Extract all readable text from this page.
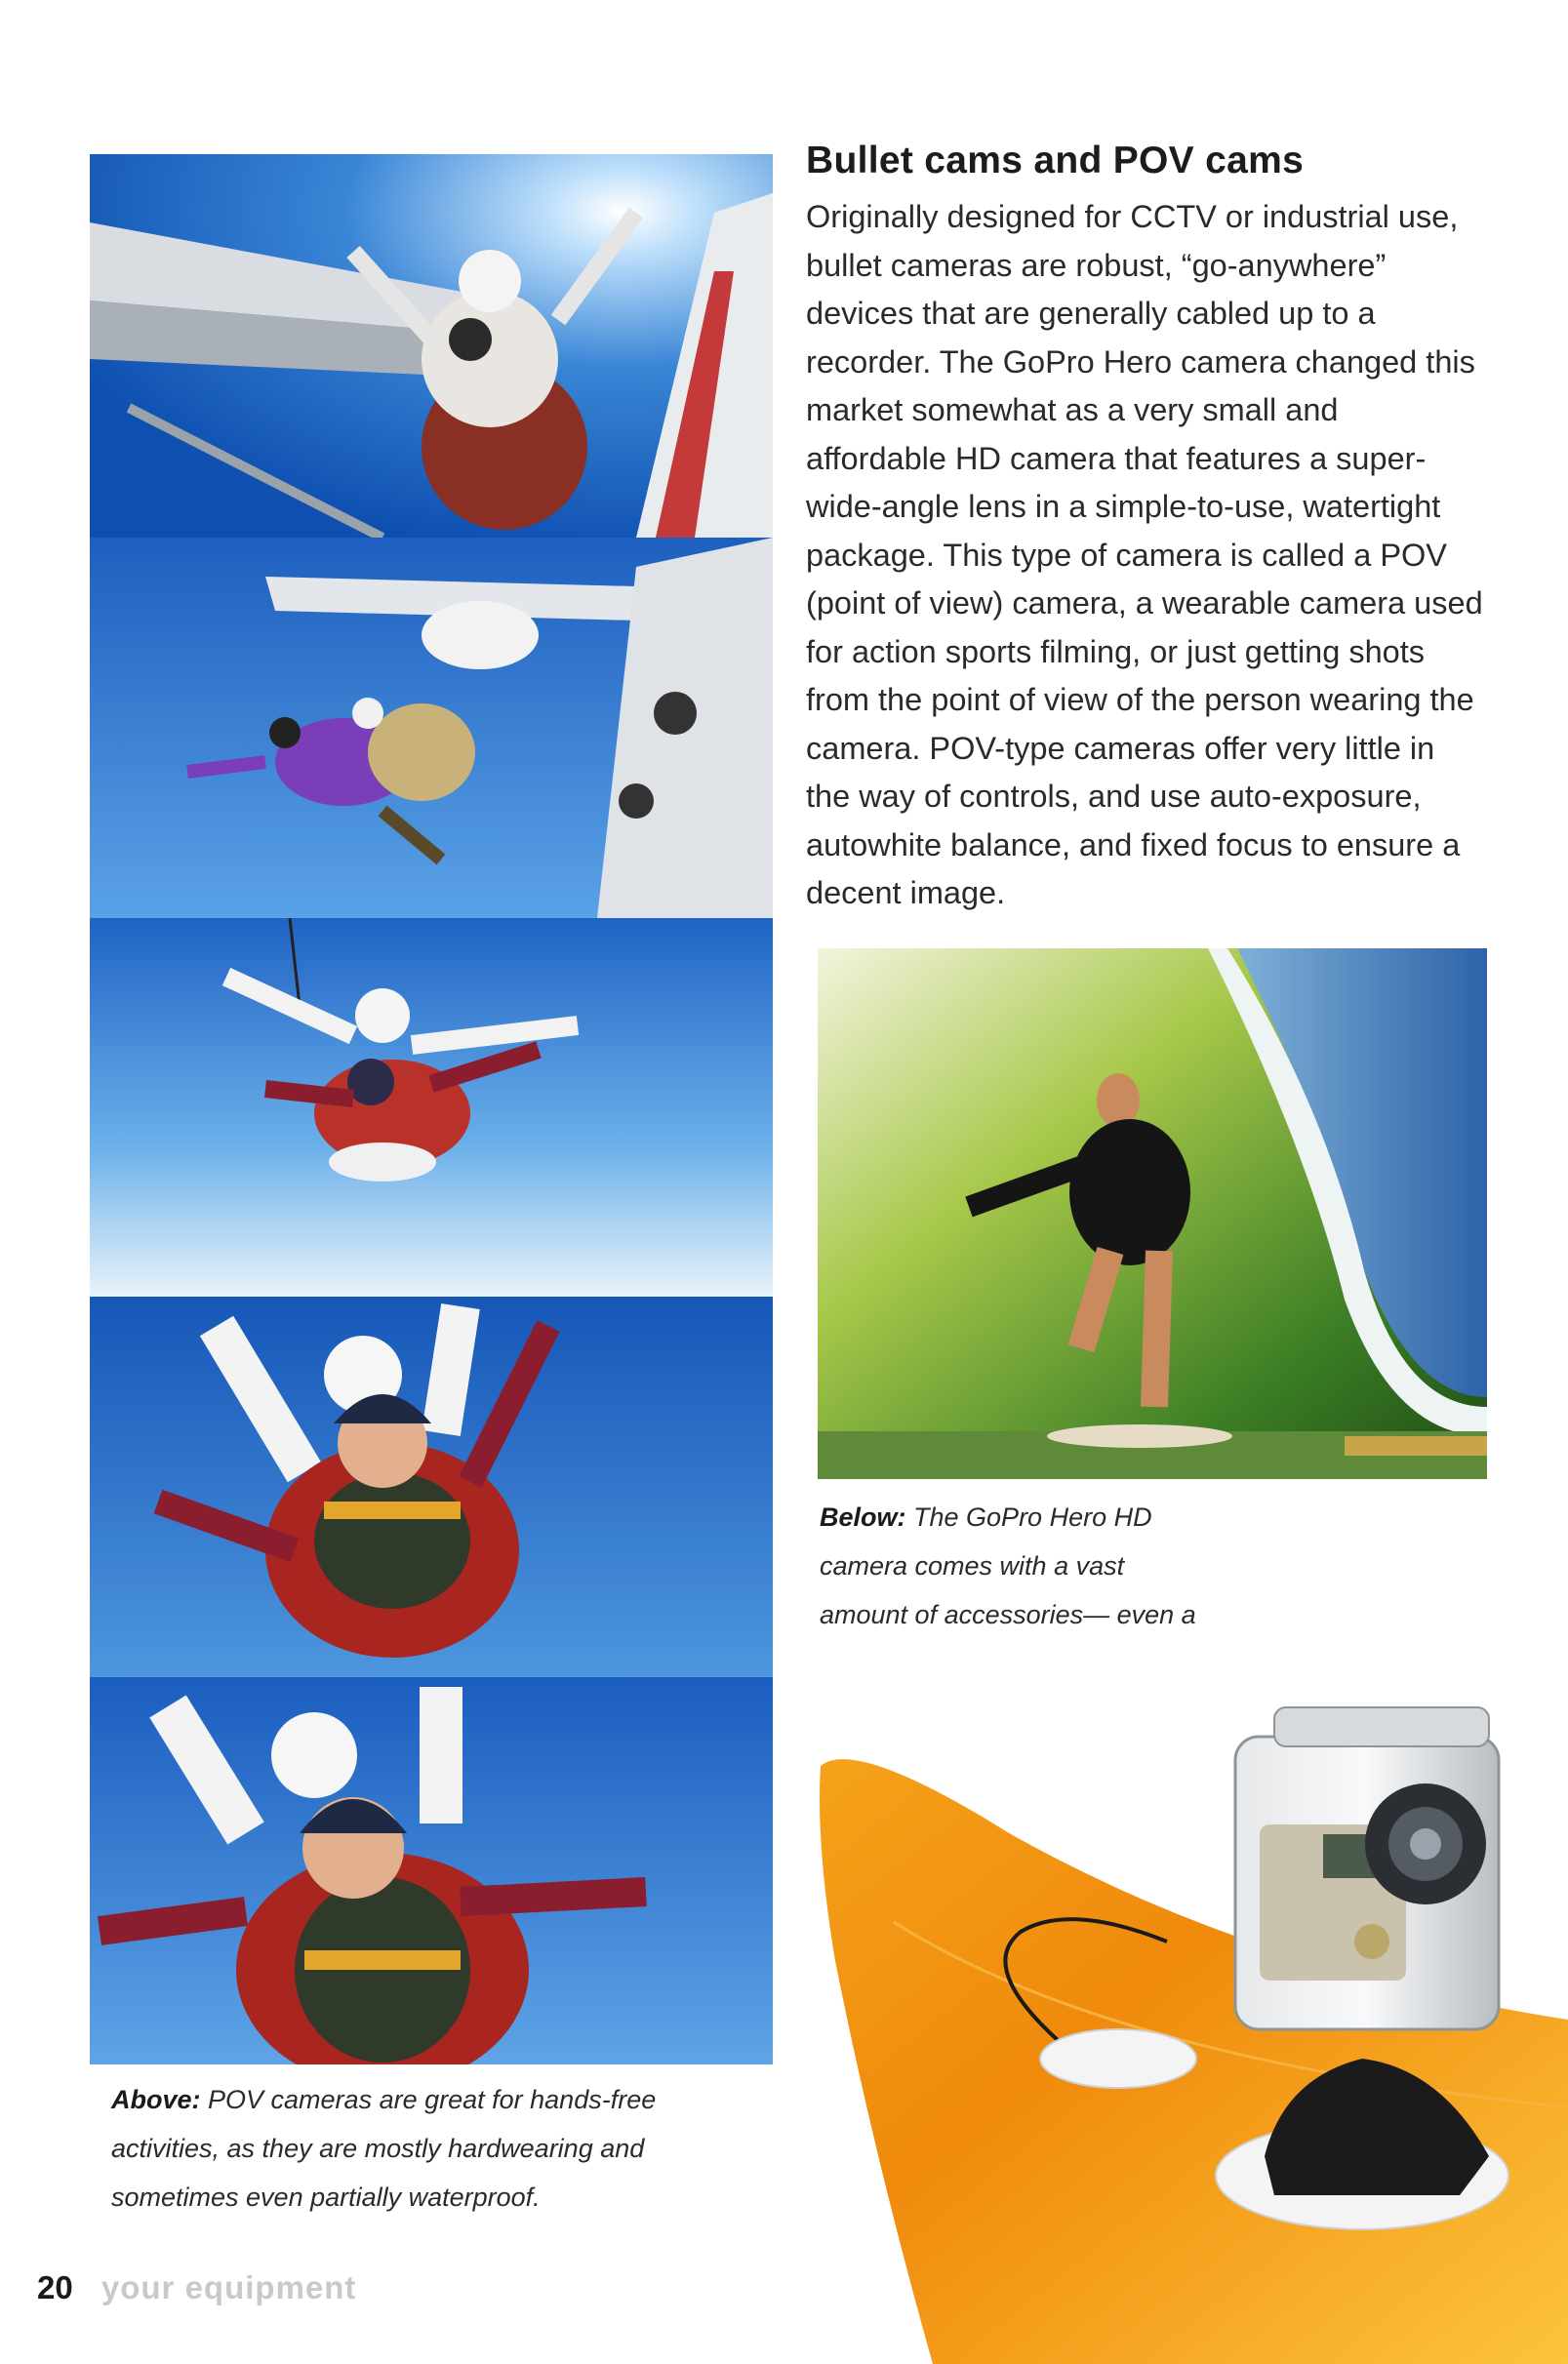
Above: POV cameras are great for hands-free activities, as they are mostly hardwearing and sometimes even partially waterproof.

Bullet cams and POV cams

Originally designed for CCTV or industrial use, bullet cameras are robust, “go-anywhere” devices that are generally cabled up to a recorder. The GoPro Hero camera changed this market somewhat as a very small and affordable HD camera that features a super-wide-angle lens in a simple-to-use, watertight package. This type of camera is called a POV (point of view) camera, a wearable camera used for action sports filming, or just getting shots from the point of view of the person wearing the camera. POV-type cameras offer very little in the way of controls, and use auto-exposure, autowhite balance, and fixed focus to ensure a decent image.

Below: The GoPro Hero HD camera comes with a vast amount of accessories— even a

20 your equipment
